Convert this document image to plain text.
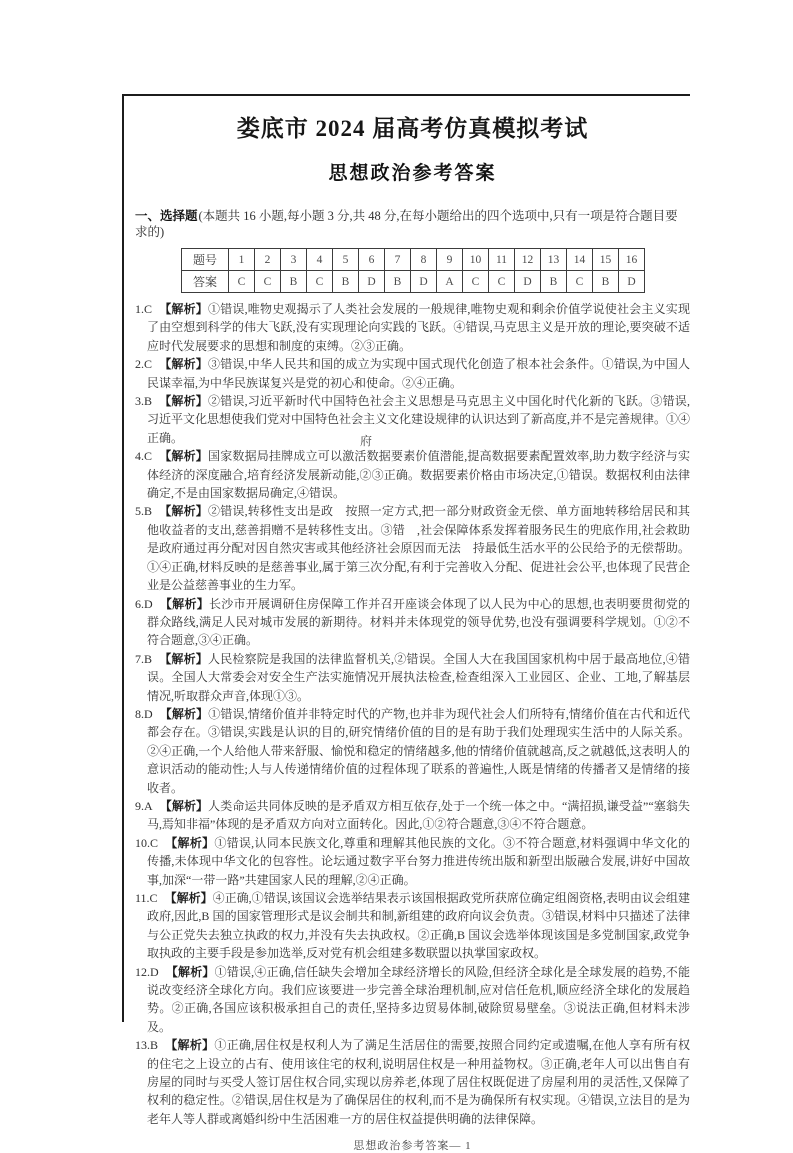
娄底市 2024 届高考仿真模拟考试
思想政治参考答案

一、选择题(本题共 16 小题,每小题 3 分,共 48 分,在每小题给出的四个选项中,只有一项是符合题目要求的)

题号	1	2	3	4	5	6	7	8	9	10	11	12	13	14	15	16
答案	C	C	B	C	B	D	B	D	A	C	C	D	B	C	B	D

1.C 【解析】①错误,唯物史观揭示了人类社会发展的一般规律,唯物史观和剩余价值学说使社会主义实现了由空想到科学的伟大飞跃,没有实现理论向实践的飞跃。④错误,马克思主义是开放的理论,要突破不适应时代发展要求的思想和制度的束缚。②③正确。

2.C 【解析】③错误,中华人民共和国的成立为实现中国式现代化创造了根本社会条件。①错误,为中国人民谋幸福,为中华民族谋复兴是党的初心和使命。②④正确。

3.B 【解析】②错误,习近平新时代中国特色社会主义思想是马克思主义中国化时代化新的飞跃。③错误,习近平文化思想使我们党对中国特色社会主义文化建设规律的认识达到了新高度,并不是完善规律。①④正确。

4.C 【解析】国家数据局挂牌成立可以激活数据要素价值潜能,提高数据要素配置效率,助力数字经济与实体经济的深度融合,培育经济发展新动能,②③正确。数据要素价格由市场决定,①错误。数据权利由法律确定,不是由国家数据局确定,④错误。

5.B 【解析】②错误,转移性支出是政　按照一定方式,把一部分财政资金无偿、单方面地转移给居民和其他收益者的支出,慈善捐赠不是转移性支出。③错　,社会保障体系发挥着服务民生的兜底作用,社会救助是政府通过再分配对因自然灾害或其他经济社会原因而无法　持最低生活水平的公民给予的无偿帮助。①④正确,材料反映的是慈善事业,属于第三次分配,有利于完善收入分配、促进社会公平,也体现了民营企业是公益慈善事业的生力军。

6.D 【解析】长沙市开展调研住房保障工作并召开座谈会体现了以人民为中心的思想,也表明要贯彻党的群众路线,满足人民对城市发展的新期待。材料并未体现党的领导优势,也没有强调要科学规划。①②不符合题意,③④正确。

7.B 【解析】人民检察院是我国的法律监督机关,②错误。全国人大在我国国家机构中居于最高地位,④错误。全国人大常委会对安全生产法实施情况开展执法检查,检查组深入工业园区、企业、工地,了解基层情况,听取群众声音,体现①③。

8.D 【解析】①错误,情绪价值并非特定时代的产物,也并非为现代社会人们所特有,情绪价值在古代和近代都会存在。③错误,实践是认识的目的,研究情绪价值的目的是有助于我们处理现实生活中的人际关系。②④正确,一个人给他人带来舒服、愉悦和稳定的情绪越多,他的情绪价值就越高,反之就越低,这表明人的意识活动的能动性;人与人传递情绪价值的过程体现了联系的普遍性,人既是情绪的传播者又是情绪的接收者。

9.A 【解析】人类命运共同体反映的是矛盾双方相互依存,处于一个统一体之中。“满招损,谦受益”“塞翁失马,焉知非福”体现的是矛盾双方向对立面转化。因此,①②符合题意,③④不符合题意。

10.C 【解析】①错误,认同本民族文化,尊重和理解其他民族的文化。③不符合题意,材料强调中华文化的传播,未体现中华文化的包容性。论坛通过数字平台努力推进传统出版和新型出版融合发展,讲好中国故事,加深“一带一路”共建国家人民的理解,②④正确。

11.C 【解析】④正确,①错误,该国议会选举结果表示该国根据政党所获席位确定组阁资格,表明由议会组建政府,因此,B 国的国家管理形式是议会制共和制,新组建的政府向议会负责。③错误,材料中只描述了法律与公正党失去独立执政的权力,并没有失去执政权。②正确,B 国议会选举体现该国是多党制国家,政党争取执政的主要手段是参加选举,反对党有机会组建多数联盟以执掌国家政权。

12.D 【解析】①错误,④正确,信任缺失会增加全球经济增长的风险,但经济全球化是全球发展的趋势,不能说改变经济全球化方向。我们应该要进一步完善全球治理机制,应对信任危机,顺应经济全球化的发展趋势。②正确,各国应该积极承担自己的责任,坚持多边贸易体制,破除贸易壁垒。③说法正确,但材料未涉及。

13.B 【解析】①正确,居住权是权利人为了满足生活居住的需要,按照合同约定或遗嘱,在他人享有所有权的住宅之上设立的占有、使用该住宅的权利,说明居住权是一种用益物权。③正确,老年人可以出售自有房屋的同时与买受人签订居住权合同,实现以房养老,体现了居住权既促进了房屋利用的灵活性,又保障了权利的稳定性。②错误,居住权是为了确保居住的权利,而不是为确保所有权实现。④错误,立法目的是为老年人等人群或离婚纠纷中生活困难一方的居住权益提供明确的法律保障。

府
思想政治参考答案— 1
